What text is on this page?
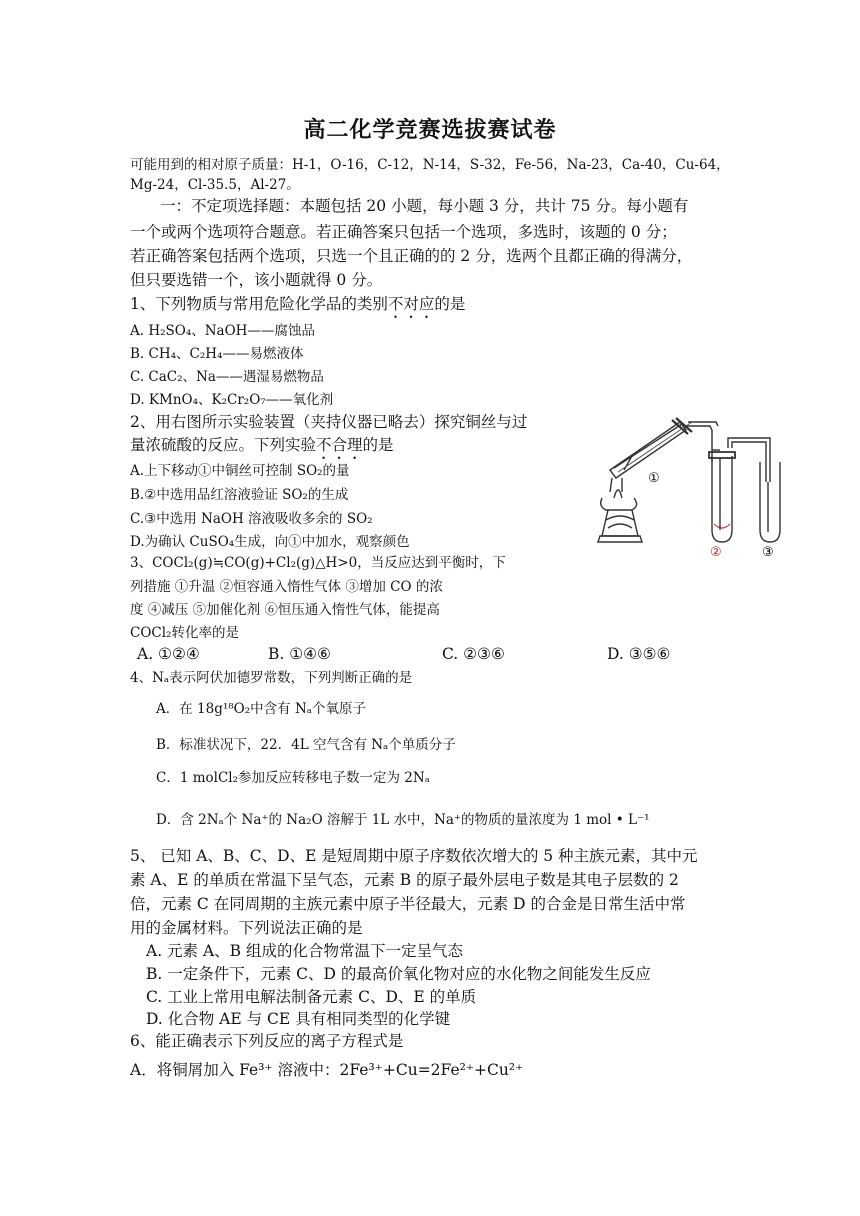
高二化学竞赛选拔赛试卷
可能用到的相对原子质量：H-1，O-16，C-12，N-14，S-32，Fe-56，Na-23，Ca-40，Cu-64，
Mg-24，Cl-35.5，Al-27。
一：不定项选择题：本题包括 20 小题，每小题 3 分，共计 75 分。每小题有
一个或两个选项符合题意。若正确答案只包括一个选项，多选时，该题的 0 分；
若正确答案包括两个选项，只选一个且正确的的 2 分，选两个且都正确的得满分，
但只要选错一个，该小题就得 0 分。
1、下列物质与常用危险化学品的类别不对应的是
A. H₂SO₄、NaOH——腐蚀品
B. CH₄、C₂H₄——易燃液体
C. CaC₂、Na——遇湿易燃物品
D. KMnO₄、K₂Cr₂O₇——氧化剂
2、用右图所示实验装置（夹持仪器已略去）探究铜丝与过
量浓硫酸的反应。下列实验不合理的是
A.上下移动①中铜丝可控制 SO₂的量
B.②中选用品红溶液验证 SO₂的生成
C.③中选用 NaOH 溶液吸收多余的 SO₂
D.为确认 CuSO₄生成，向①中加水，观察颜色
①
②	③
3、COCl₂(g)≒CO(g)+Cl₂(g)△H>0，当反应达到平衡时，下
列措施 ①升温 ②恒容通入惰性气体 ③增加 CO 的浓
度 ④减压 ⑤加催化剂 ⑥恒压通入惰性气体，能提高
COCl₂转化率的是
A. ①②④	B. ①④⑥	C. ②③⑥	D. ③⑤⑥
4、Nₐ表示阿伏加德罗常数，下列判断正确的是
A．在 18g¹⁸O₂中含有 Nₐ个氧原子
B．标准状况下，22．4L 空气含有 Nₐ个单质分子
C．1 molCl₂参加反应转移电子数一定为 2Nₐ
D．含 2Nₐ个 Na⁺的 Na₂O 溶解于 1L 水中，Na⁺的物质的量浓度为 1 mol • L⁻¹
5、 已知 A、B、C、D、E 是短周期中原子序数依次增大的 5 种主族元素，其中元
素 A、E 的单质在常温下呈气态，元素 B 的原子最外层电子数是其电子层数的 2
倍，元素 C 在同周期的主族元素中原子半径最大，元素 D 的合金是日常生活中常
用的金属材料。下列说法正确的是
A. 元素 A、B 组成的化合物常温下一定呈气态
B. 一定条件下，元素 C、D 的最高价氧化物对应的水化物之间能发生反应
C. 工业上常用电解法制备元素 C、D、E 的单质
D. 化合物 AE 与 CE 具有相同类型的化学键
6、能正确表示下列反应的离子方程式是
A．将铜屑加入 Fe³⁺ 溶液中：2Fe³⁺+Cu=2Fe²⁺+Cu²⁺
